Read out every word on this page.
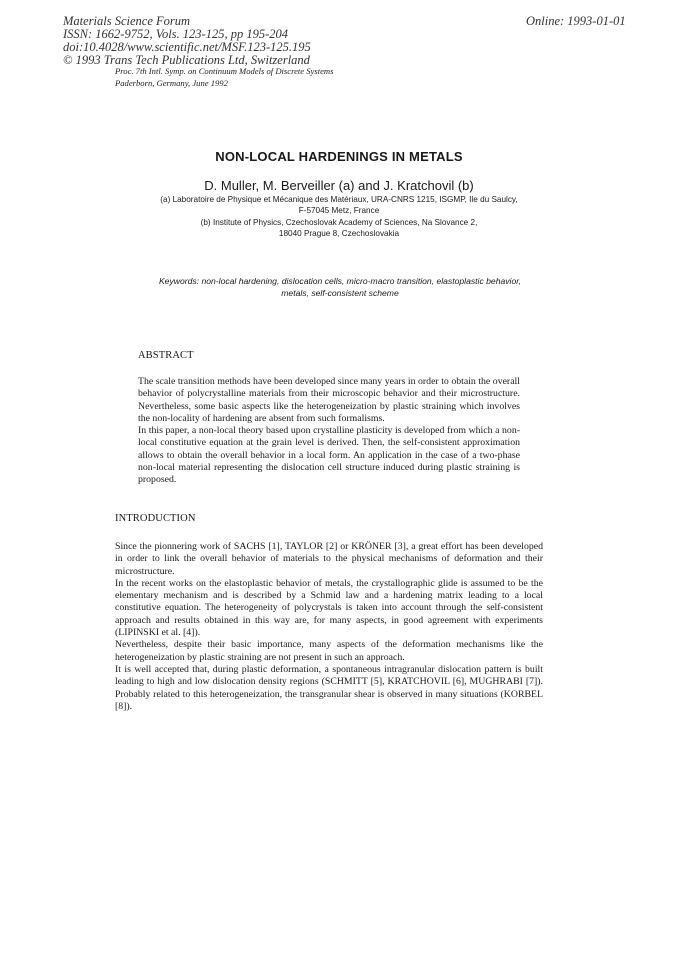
Materials Science Forum
ISSN: 1662-9752, Vols. 123-125, pp 195-204
doi:10.4028/www.scientific.net/MSF.123-125.195
© 1993 Trans Tech Publications Ltd, Switzerland
Online: 1993-01-01
Proc. 7th Intl. Symp. on Continuum Models of Discrete Systems
Paderborn, Germany, June 1992
NON-LOCAL HARDENINGS IN METALS
D. Muller, M. Berveiller (a) and J. Kratchovil (b)
(a) Laboratoire de Physique et Mécanique des Matériaux, URA-CNRS 1215, ISGMP, Ile du Saulcy,
F-57045 Metz, France
(b) Institute of Physics, Czechoslovak Academy of Sciences, Na Slovance 2,
18040 Prague 8, Czechoslovakia
Keywords: non-local hardening, dislocation cells, micro-macro transition, elastoplastic behavior,
metals, self-consistent scheme
ABSTRACT

The scale transition methods have been developed since many years in order to obtain the overall behavior of polycrystalline materials from their microscopic behavior and their microstructure. Nevertheless, some basic aspects like the heterogeneization by plastic straining which involves the non-locality of hardening are absent from such formalisms.

In this paper, a non-local theory based upon crystalline plasticity is developed from which a non-local constitutive equation at the grain level is derived. Then, the self-consistent approximation allows to obtain the overall behavior in a local form. An application in the case of a two-phase non-local material representing the dislocation cell structure induced during plastic straining is proposed.

INTRODUCTION

Since the pionnering work of SACHS [1], TAYLOR [2] or KRÖNER [3], a great effort has been developed in order to link the overall behavior of materials to the physical mechanisms of deformation and their microstructure.

In the recent works on the elastoplastic behavior of metals, the crystallographic glide is assumed to be the elementary mechanism and is described by a Schmid law and a hardening matrix leading to a local constitutive equation. The heterogeneity of polycrystals is taken into account through the self-consistent approach and results obtained in this way are, for many aspects, in good agreement with experiments (LIPINSKI et al. [4]).

Nevertheless, despite their basic importance, many aspects of the deformation mechanisms like the heterogeneization by plastic straining are not present in such an approach.

It is well accepted that, during plastic deformation, a spontaneous intragranular dislocation pattern is built leading to high and low dislocation density regions (SCHMITT [5], KRATCHOVIL [6], MUGHRABI [7]). Probably related to this heterogeneization, the transgranular shear is observed in many situations (KORBEL [8]).
